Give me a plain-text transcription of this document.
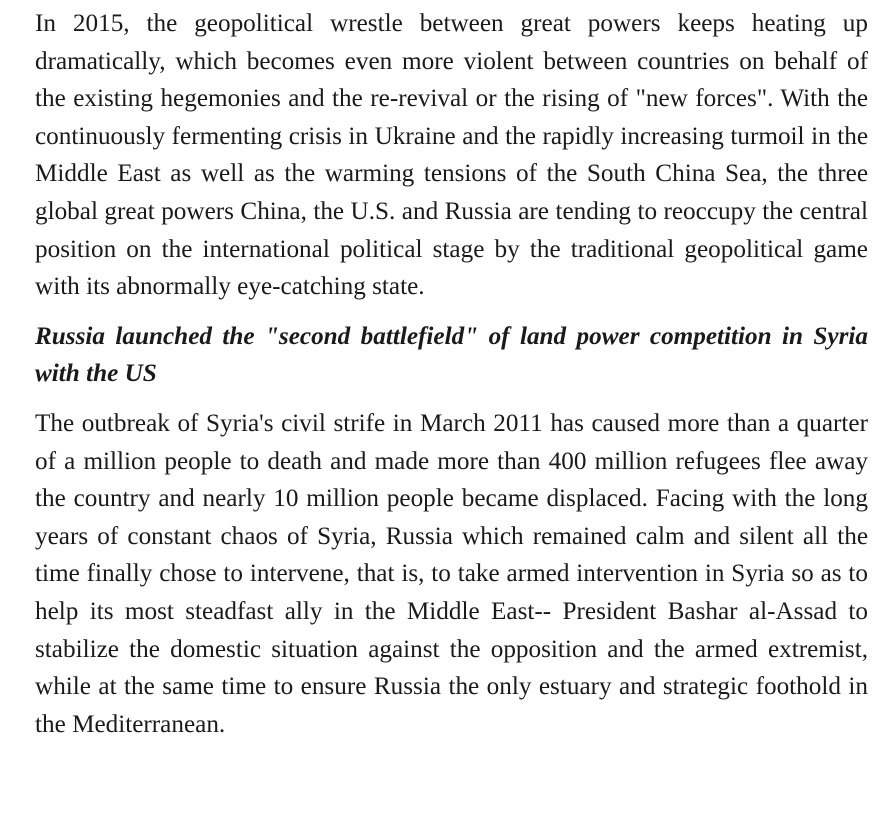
In 2015, the geopolitical wrestle between great powers keeps heating up dramatically, which becomes even more violent between countries on behalf of the existing hegemonies and the re-revival or the rising of "new forces". With the continuously fermenting crisis in Ukraine and the rapidly increasing turmoil in the Middle East as well as the warming tensions of the South China Sea, the three global great powers China, the U.S. and Russia are tending to reoccupy the central position on the international political stage by the traditional geopolitical game with its abnormally eye-catching state.

Russia launched the "second battlefield" of land power competition in Syria with the US

The outbreak of Syria's civil strife in March 2011 has caused more than a quarter of a million people to death and made more than 400 million refugees flee away the country and nearly 10 million people became displaced. Facing with the long years of constant chaos of Syria, Russia which remained calm and silent all the time finally chose to intervene, that is, to take armed intervention in Syria so as to help its most steadfast ally in the Middle East-- President Bashar al-Assad to stabilize the domestic situation against the opposition and the armed extremist, while at the same time to ensure Russia the only estuary and strategic foothold in the Mediterranean.
